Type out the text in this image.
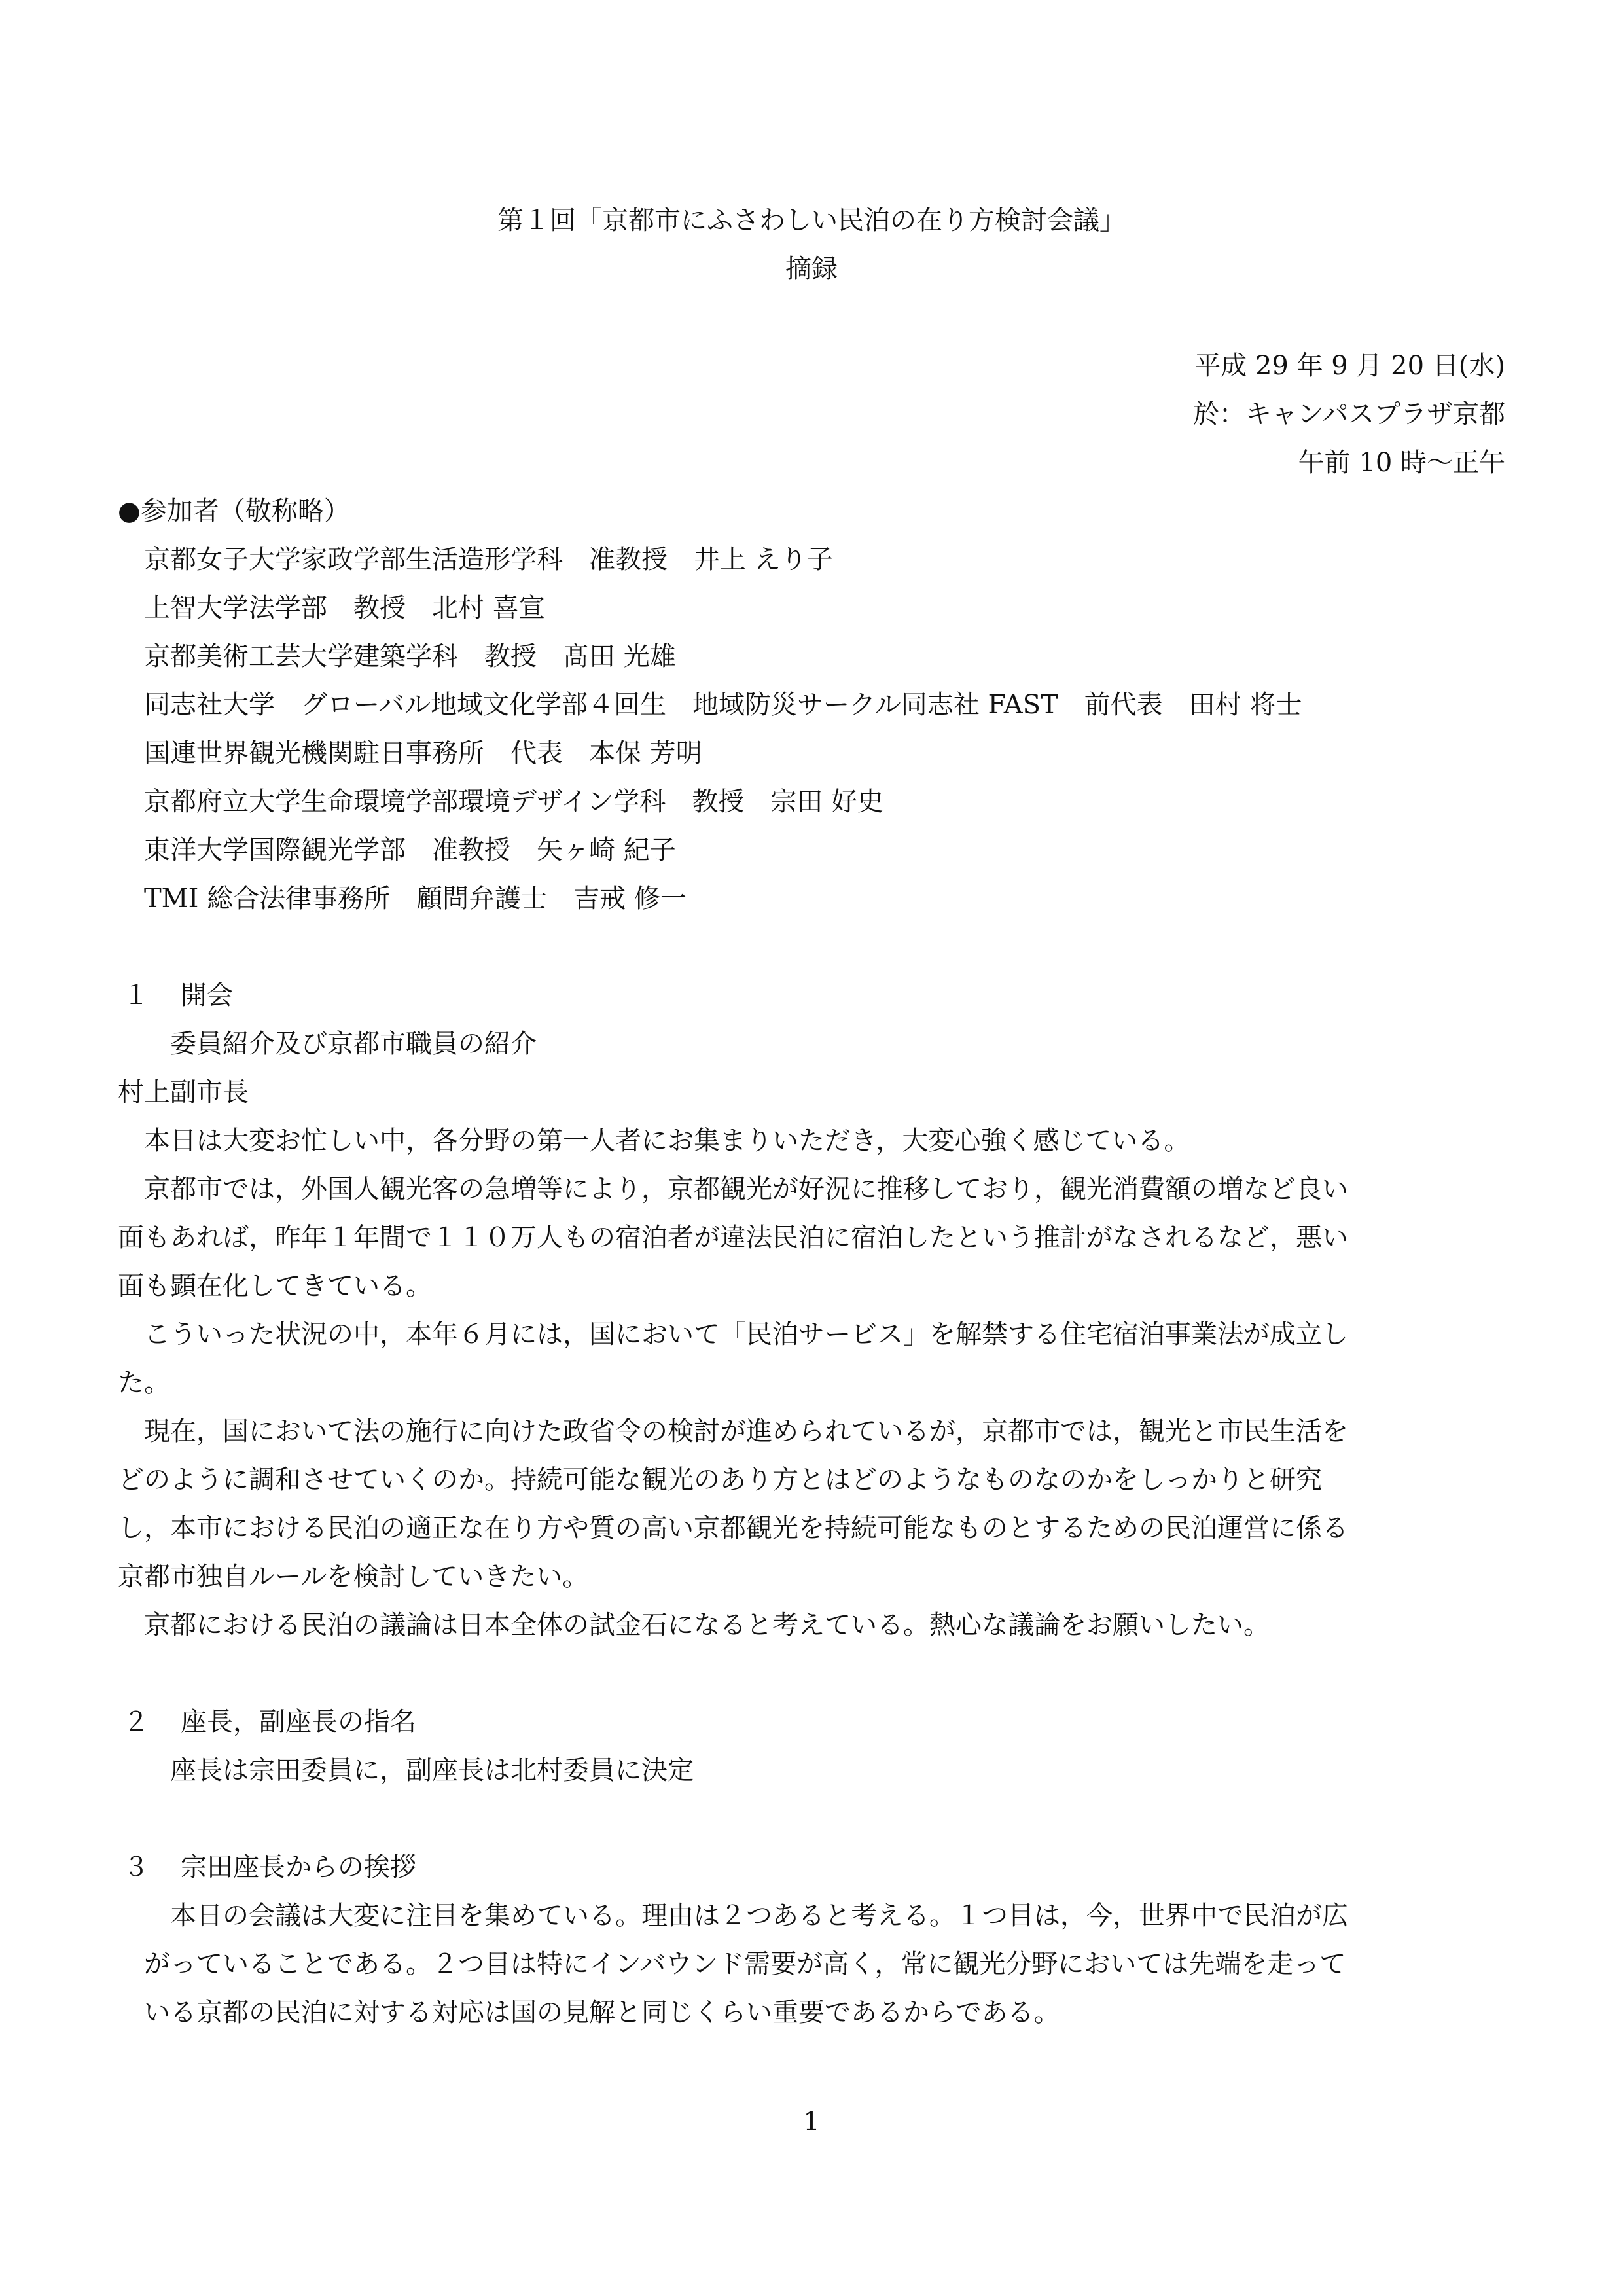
第１回「京都市にふさわしい民泊の在り方検討会議」
摘録
平成 29 年 9 月 20 日(水)
於：キャンパスプラザ京都
午前 10 時～正午
●参加者（敬称略）
京都女子大学家政学部生活造形学科　准教授　井上 えり子
上智大学法学部　教授　北村 喜宣
京都美術工芸大学建築学科　教授　髙田 光雄
同志社大学　グローバル地域文化学部４回生　地域防災サークル同志社 FAST　前代表　田村 将士
国連世界観光機関駐日事務所　代表　本保 芳明
京都府立大学生命環境学部環境デザイン学科　教授　宗田 好史
東洋大学国際観光学部　准教授　矢ヶ崎 紀子
TMI 総合法律事務所　顧問弁護士　吉戒 修一
１ 開会
委員紹介及び京都市職員の紹介
村上副市長
本日は大変お忙しい中，各分野の第一人者にお集まりいただき，大変心強く感じている。
京都市では，外国人観光客の急増等により，京都観光が好況に推移しており，観光消費額の増など良い
面もあれば，昨年１年間で１１０万人もの宿泊者が違法民泊に宿泊したという推計がなされるなど，悪い
面も顕在化してきている。
こういった状況の中，本年６月には，国において「民泊サービス」を解禁する住宅宿泊事業法が成立し
た。
現在，国において法の施行に向けた政省令の検討が進められているが，京都市では，観光と市民生活を
どのように調和させていくのか。持続可能な観光のあり方とはどのようなものなのかをしっかりと研究
し，本市における民泊の適正な在り方や質の高い京都観光を持続可能なものとするための民泊運営に係る
京都市独自ルールを検討していきたい。
京都における民泊の議論は日本全体の試金石になると考えている。熱心な議論をお願いしたい。
２ 座長，副座長の指名
座長は宗田委員に，副座長は北村委員に決定
３ 宗田座長からの挨拶
本日の会議は大変に注目を集めている。理由は２つあると考える。１つ目は，今，世界中で民泊が広
がっていることである。２つ目は特にインバウンド需要が高く，常に観光分野においては先端を走って
いる京都の民泊に対する対応は国の見解と同じくらい重要であるからである。
1
